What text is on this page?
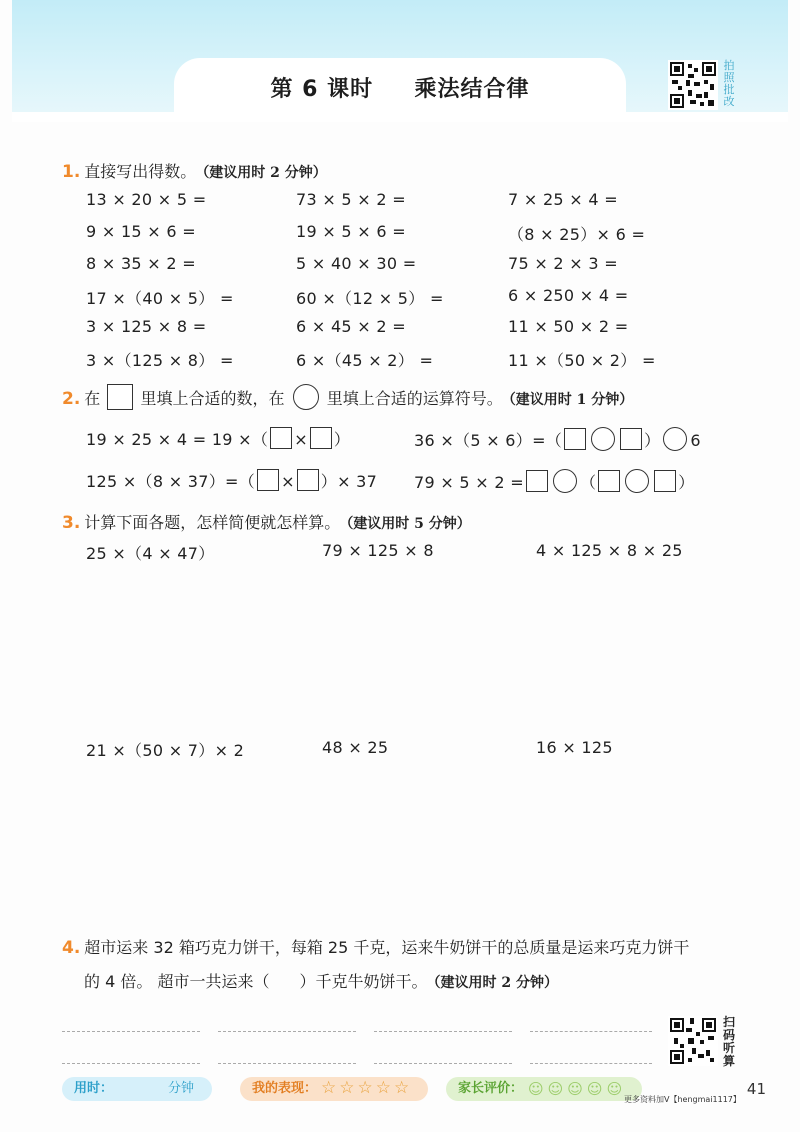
第 6 课时 乘法结合律
拍照批改
1. 直接写出得数。 （建议用时 2 分钟）
13 × 20 × 5 =	73 × 5 × 2 =	7 × 25 × 4 =
9 × 15 × 6 =	19 × 5 × 6 =	（8 × 25）× 6 =
8 × 35 × 2 =	5 × 40 × 30 =	75 × 2 × 3 =
17 ×（40 × 5） =	60 ×（12 × 5） =	6 × 250 × 4 =
3 × 125 × 8 =	6 × 45 × 2 =	11 × 50 × 2 =
3 ×（125 × 8） =	6 ×（45 × 2） =	11 ×（50 × 2） =
2. 在	里填上合适的数，在	里填上合适的运算符号。 （建议用时 1 分钟）
19 × 25 × 4 = 19 ×（ × ）	36 ×（5 × 6）=（	） 6
125 ×（8 × 37）=（ × ）× 37 79 × 5 × 2 =	（	）
3. 计算下面各题，怎样简便就怎样算。 （建议用时 5 分钟）
25 ×（4 × 47）	79 × 125 × 8	4 × 125 × 8 × 25
21 ×（50 × 7）× 2	48 × 25	16 × 125
4. 超市运来 32 箱巧克力饼干，每箱 25 千克，运来牛奶饼干的总质量是运来巧克力饼干
的 4 倍。 超市一共运来（ ）千克牛奶饼干。 （建议用时 2 分钟）
扫码听算
用时：	分钟	我的表现： ☆ ☆ ☆ ☆ ☆	家长评价： ☺ ☺ ☺ ☺ ☺	41
更多资料加V【hengmai1117】
